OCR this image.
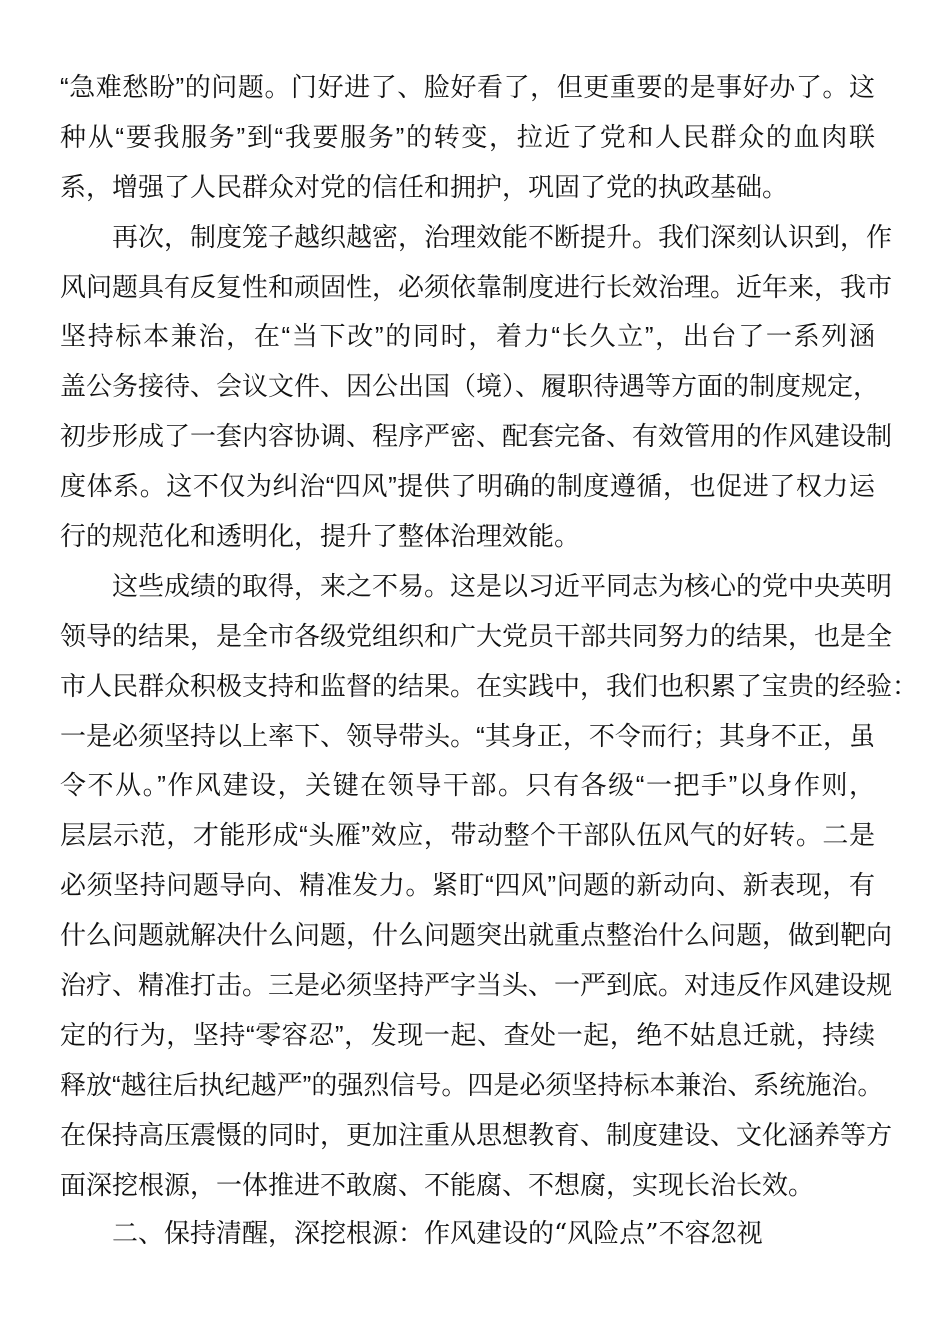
“急难愁盼”的问题。门好进了、脸好看了，但更重要的是事好办了。这
种从“要我服务”到“我要服务”的转变，拉近了党和人民群众的血肉联
系，增强了人民群众对党的信任和拥护，巩固了党的执政基础。
再次，制度笼子越织越密，治理效能不断提升。我们深刻认识到，作
风问题具有反复性和顽固性，必须依靠制度进行长效治理。近年来，我市
坚持标本兼治，在“当下改”的同时，着力“长久立”，出台了一系列涵
盖公务接待、会议文件、因公出国（境）、履职待遇等方面的制度规定，
初步形成了一套内容协调、程序严密、配套完备、有效管用的作风建设制
度体系。这不仅为纠治“四风”提供了明确的制度遵循，也促进了权力运
行的规范化和透明化，提升了整体治理效能。
这些成绩的取得，来之不易。这是以习近平同志为核心的党中央英明
领导的结果，是全市各级党组织和广大党员干部共同努力的结果，也是全
市人民群众积极支持和监督的结果。在实践中，我们也积累了宝贵的经验：
一是必须坚持以上率下、领导带头。“其身正，不令而行；其身不正，虽
令不从。”作风建设，关键在领导干部。只有各级“一把手”以身作则，
层层示范，才能形成“头雁”效应，带动整个干部队伍风气的好转。二是
必须坚持问题导向、精准发力。紧盯“四风”问题的新动向、新表现，有
什么问题就解决什么问题，什么问题突出就重点整治什么问题，做到靶向
治疗、精准打击。三是必须坚持严字当头、一严到底。对违反作风建设规
定的行为，坚持“零容忍”，发现一起、查处一起，绝不姑息迁就，持续
释放“越往后执纪越严”的强烈信号。四是必须坚持标本兼治、系统施治。
在保持高压震慑的同时，更加注重从思想教育、制度建设、文化涵养等方
面深挖根源，一体推进不敢腐、不能腐、不想腐，实现长治长效。
二、保持清醒，深挖根源：作风建设的“风险点”不容忽视
